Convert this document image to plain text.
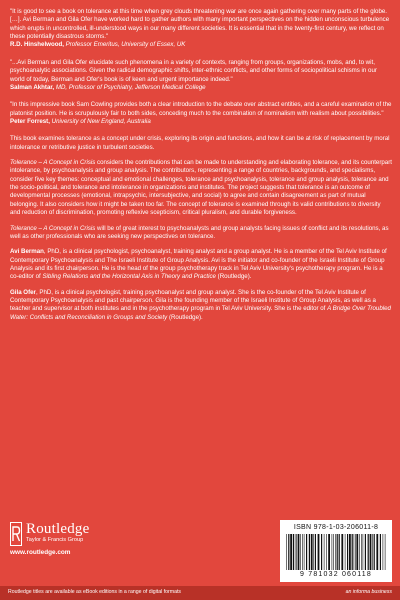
"It is good to see a book on tolerance at this time when grey clouds threatening war are once again gathering over many parts of the globe. […]. Avi Berman and Gila Ofer have worked hard to gather authors with many important perspectives on the hidden unconscious turbulence which erupts in uncontrolled, ill-understood ways in our many different societies. It is essential that in the twenty-first century, we reflect on these potentially disastrous storms."

R.D. Hinshelwood, Professor Emeritus, University of Essex, UK

"...Avi Berman and Gila Ofer elucidate such phenomena in a variety of contexts, ranging from groups, organizations, mobs, and, to wit, psychoanalytic associations. Given the radical demographic shifts, inter-ethnic conflicts, and other forms of sociopolitical schisms in our world of today, Berman and Ofer's book is of keen and urgent importance indeed."

Salman Akhtar, MD, Professor of Psychiatry, Jefferson Medical College

"In this impressive book Sam Cowling provides both a clear introduction to the debate over abstract entities, and a careful examination of the platonist position. He is scrupulously fair to both sides, conceding much to the combination of nominalism with realism about possibilities."

Peter Forrest, University of New England, Australia

This book examines tolerance as a concept under crisis, exploring its origin and functions, and how it can be at risk of replacement by moral intolerance or retributive justice in turbulent societies.

Tolerance – A Concept in Crisis considers the contributions that can be made to understanding and elaborating tolerance, and its counterpart intolerance, by psychoanalysis and group analysis. The contributors, representing a range of countries, backgrounds, and specialisms, consider five key themes: conceptual and emotional challenges, tolerance and psychoanalysis, tolerance and group analysis, tolerance and the socio-political, and tolerance and intolerance in organizations and institutes. The project suggests that tolerance is an outcome of developmental processes (emotional, intrapsychic, intersubjective, and social) to agree and contain disagreement as part of mutual belonging. It also considers how it might be taken too far. The concept of tolerance is examined through its valid contributions to diversity and reduction of discrimination, promoting reflexive scepticism, critical pluralism, and durable forgiveness.

Tolerance – A Concept in Crisis will be of great interest to psychoanalysts and group analysts facing issues of conflict and its resolutions, as well as other professionals who are seeking new perspectives on tolerance.

Avi Berman, PhD, is a clinical psychologist, psychoanalyst, training analyst and a group analyst. He is a member of the Tel Aviv Institute of Contemporary Psychoanalysis and The Israeli Institute of Group Analysis. Avi is the initiator and co-founder of the Israeli Institute of Group Analysis and its first chairperson. He is the head of the group psychotherapy track in Tel Aviv University's psychotherapy program. He is a co-editor of Sibling Relations and the Horizontal Axis in Theory and Practice (Routledge).

Gila Ofer, PhD, is a clinical psychologist, training psychoanalyst and group analyst. She is the co-founder of the Tel Aviv Institute of Contemporary Psychoanalysis and past chairperson. Gila is the founding member of the Israeli Institute of Group Analysis, as well as a teacher and supervisor at both institutes and in the psychotherapy program in Tel Aviv University. She is the editor of A Bridge Over Troubled Water: Conflicts and Reconciliation in Groups and Society (Routledge).

Routledge
Taylor & Francis Group
www.routledge.com
ISBN 978-1-03-206011-8
9 781032 060118
Routledge titles are available as eBook editions in a range of digital formats	an informa business
